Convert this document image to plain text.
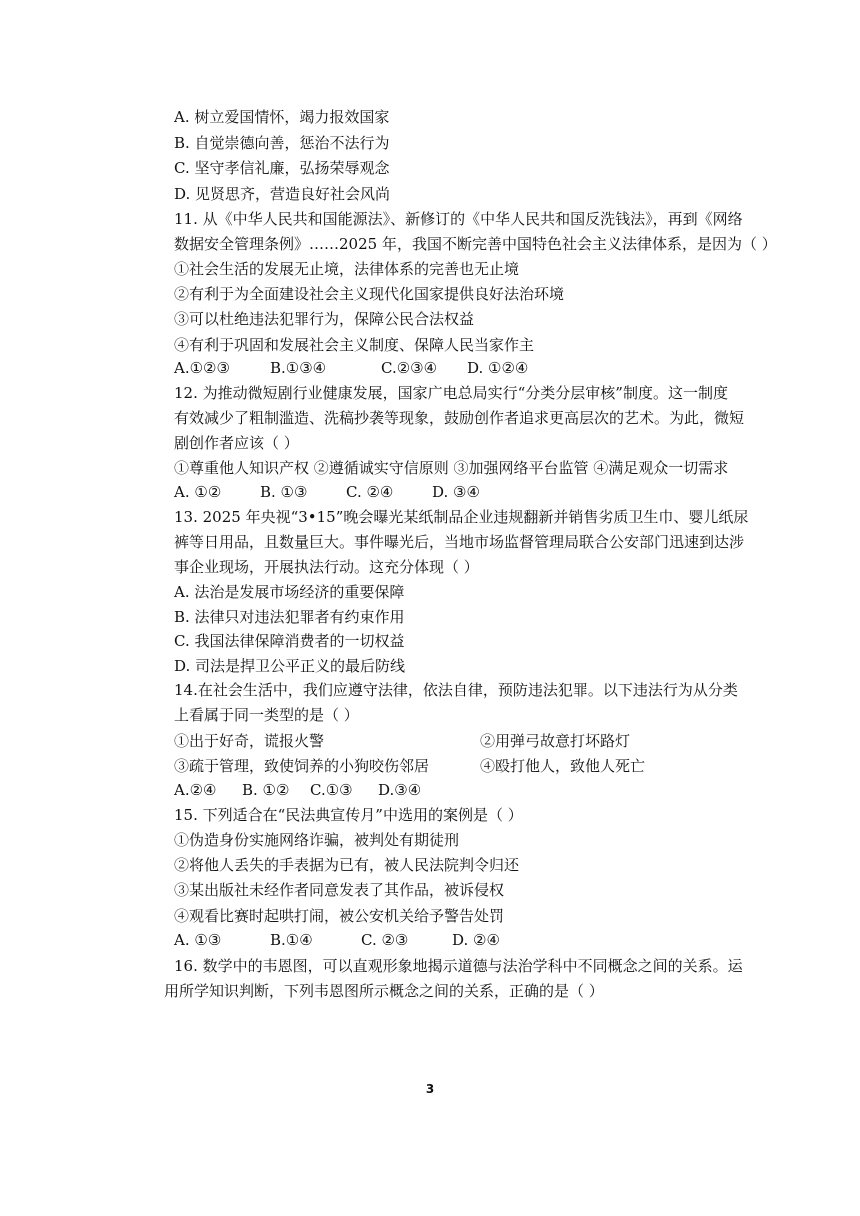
A. 树立爱国情怀，竭力报效国家
B. 自觉崇德向善，惩治不法行为
C. 坚守孝信礼廉，弘扬荣辱观念
D. 见贤思齐，营造良好社会风尚
11. 从《中华人民共和国能源法》、新修订的《中华人民共和国反洗钱法》，再到《网络
数据安全管理条例》……2025 年，我国不断完善中国特色社会主义法律体系，是因为（ ）
①社会生活的发展无止境，法律体系的完善也无止境
②有利于为全面建设社会主义现代化国家提供良好法治环境
③可以杜绝违法犯罪行为，保障公民合法权益
④有利于巩固和发展社会主义制度、保障人民当家作主
A.①②③	B.①③④	C.②③④	D. ①②④
12. 为推动微短剧行业健康发展，国家广电总局实行“分类分层审核”制度。这一制度
有效减少了粗制滥造、洗稿抄袭等现象，鼓励创作者追求更高层次的艺术。为此，微短
剧创作者应该（ ）
①尊重他人知识产权 ②遵循诚实守信原则 ③加强网络平台监管 ④满足观众一切需求
A. ①②	B. ①③	C. ②④	D. ③④
13. 2025 年央视“3•15”晚会曝光某纸制品企业违规翻新并销售劣质卫生巾、婴儿纸尿
裤等日用品，且数量巨大。事件曝光后，当地市场监督管理局联合公安部门迅速到达涉
事企业现场，开展执法行动。这充分体现（ ）
A. 法治是发展市场经济的重要保障
B. 法律只对违法犯罪者有约束作用
C. 我国法律保障消费者的一切权益
D. 司法是捍卫公平正义的最后防线
14.在社会生活中，我们应遵守法律，依法自律，预防违法犯罪。以下违法行为从分类
上看属于同一类型的是（ ）
①出于好奇，谎报火警	②用弹弓故意打坏路灯
③疏于管理，致使饲养的小狗咬伤邻居	④殴打他人，致他人死亡
A.②④	B. ①②	C.①③	D.③④
15. 下列适合在“民法典宣传月”中选用的案例是（ ）
①伪造身份实施网络诈骗，被判处有期徒刑
②将他人丢失的手表据为已有，被人民法院判令归还
③某出版社未经作者同意发表了其作品，被诉侵权
④观看比赛时起哄打闹，被公安机关给予警告处罚
A. ①③	B.①④	C. ②③	D. ②④
16. 数学中的韦恩图，可以直观形象地揭示道德与法治学科中不同概念之间的关系。运
用所学知识判断，下列韦恩图所示概念之间的关系，正确的是（ ）
3
